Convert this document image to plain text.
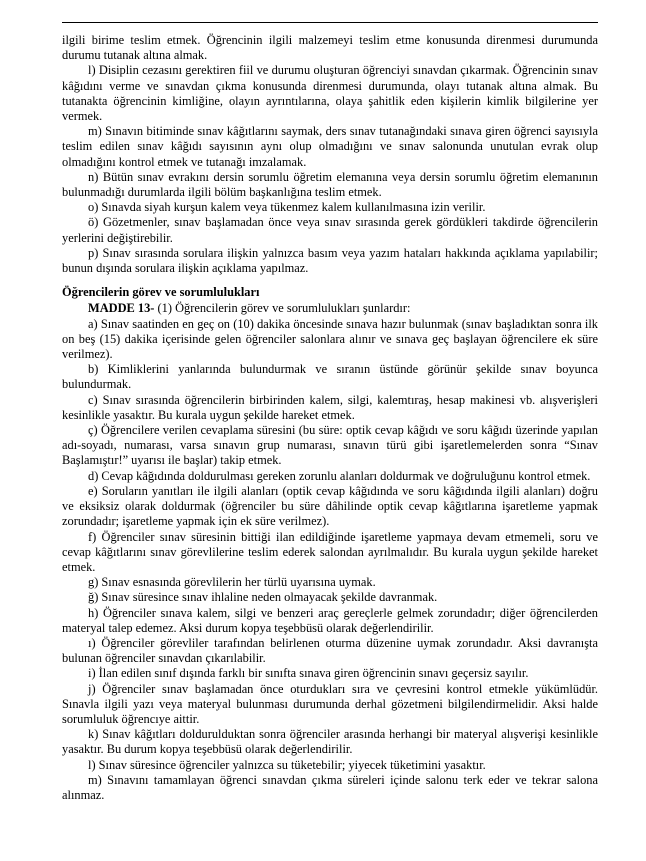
ilgili birime teslim etmek. Öğrencinin ilgili malzemeyi teslim etme konusunda direnmesi durumunda durumu tutanak altına almak.

l) Disiplin cezasını gerektiren fiil ve durumu oluşturan öğrenciyi sınavdan çıkarmak. Öğrencinin sınav kâğıdını verme ve sınavdan çıkma konusunda direnmesi durumunda, olayı tutanak altına almak. Bu tutanakta öğrencinin kimliğine, olayın ayrıntılarına, olaya şahitlik eden kişilerin kimlik bilgilerine yer vermek.

m) Sınavın bitiminde sınav kâğıtlarını saymak, ders sınav tutanağındaki sınava giren öğrenci sayısıyla teslim edilen sınav kâğıdı sayısının aynı olup olmadığını ve sınav salonunda unutulan evrak olup olmadığını kontrol etmek ve tutanağı imzalamak.

n) Bütün sınav evrakını dersin sorumlu öğretim elemanına veya dersin sorumlu öğretim elemanının bulunmadığı durumlarda ilgili bölüm başkanlığına teslim etmek.

o) Sınavda siyah kurşun kalem veya tükenmez kalem kullanılmasına izin verilir.

ö) Gözetmenler, sınav başlamadan önce veya sınav sırasında gerek gördükleri takdirde öğrencilerin yerlerini değiştirebilir.

p) Sınav sırasında sorulara ilişkin yalnızca basım veya yazım hataları hakkında açıklama yapılabilir; bunun dışında sorulara ilişkin açıklama yapılmaz.

Öğrencilerin görev ve sorumlulukları

MADDE 13- (1) Öğrencilerin görev ve sorumlulukları şunlardır:

a) Sınav saatinden en geç on (10) dakika öncesinde sınava hazır bulunmak (sınav başladıktan sonra ilk on beş (15) dakika içerisinde gelen öğrenciler salonlara alınır ve sınava geç başlayan öğrencilere ek süre verilmez).

b) Kimliklerini yanlarında bulundurmak ve sıranın üstünde görünür şekilde sınav boyunca bulundurmak.

c) Sınav sırasında öğrencilerin birbirinden kalem, silgi, kalemtıraş, hesap makinesi vb. alışverişleri kesinlikle yasaktır. Bu kurala uygun şekilde hareket etmek.

ç) Öğrencilere verilen cevaplama süresini (bu süre: optik cevap kâğıdı ve soru kâğıdı üzerinde yapılan adı-soyadı, numarası, varsa sınavın grup numarası, sınavın türü gibi işaretlemelerden sonra “Sınav Başlamıştır!” uyarısı ile başlar) takip etmek.

d) Cevap kâğıdında doldurulması gereken zorunlu alanları doldurmak ve doğruluğunu kontrol etmek.

e) Soruların yanıtları ile ilgili alanları (optik cevap kâğıdında ve soru kâğıdında ilgili alanları) doğru ve eksiksiz olarak doldurmak (öğrenciler bu süre dâhilinde optik cevap kâğıtlarına işaretleme yapmak zorundadır; işaretleme yapmak için ek süre verilmez).

f) Öğrenciler sınav süresinin bittiği ilan edildiğinde işaretleme yapmaya devam etmemeli, soru ve cevap kâğıtlarını sınav görevlilerine teslim ederek salondan ayrılmalıdır. Bu kurala uygun şekilde hareket etmek.

g) Sınav esnasında görevlilerin her türlü uyarısına uymak.

ğ) Sınav süresince sınav ihlaline neden olmayacak şekilde davranmak.

h) Öğrenciler sınava kalem, silgi ve benzeri araç gereçlerle gelmek zorundadır; diğer öğrencilerden materyal talep edemez. Aksi durum kopya teşebbüsü olarak değerlendirilir.

ı) Öğrenciler görevliler tarafından belirlenen oturma düzenine uymak zorundadır. Aksi davranışta bulunan öğrenciler sınavdan çıkarılabilir.

i) İlan edilen sınıf dışında farklı bir sınıfta sınava giren öğrencinin sınavı geçersiz sayılır.

j) Öğrenciler sınav başlamadan önce oturdukları sıra ve çevresini kontrol etmekle yükümlüdür. Sınavla ilgili yazı veya materyal bulunması durumunda derhal gözetmeni bilgilendirmelidir. Aksi halde sorumluluk öğrencıye aittir.

k) Sınav kâğıtları doldurulduktan sonra öğrenciler arasında herhangi bir materyal alışverişi kesinlikle yasaktır. Bu durum kopya teşebbüsü olarak değerlendirilir.

l) Sınav süresince öğrenciler yalnızca su tüketebilir; yiyecek tüketimini yasaktır.

m) Sınavını tamamlayan öğrenci sınavdan çıkma süreleri içinde salonu terk eder ve tekrar salona alınmaz.
